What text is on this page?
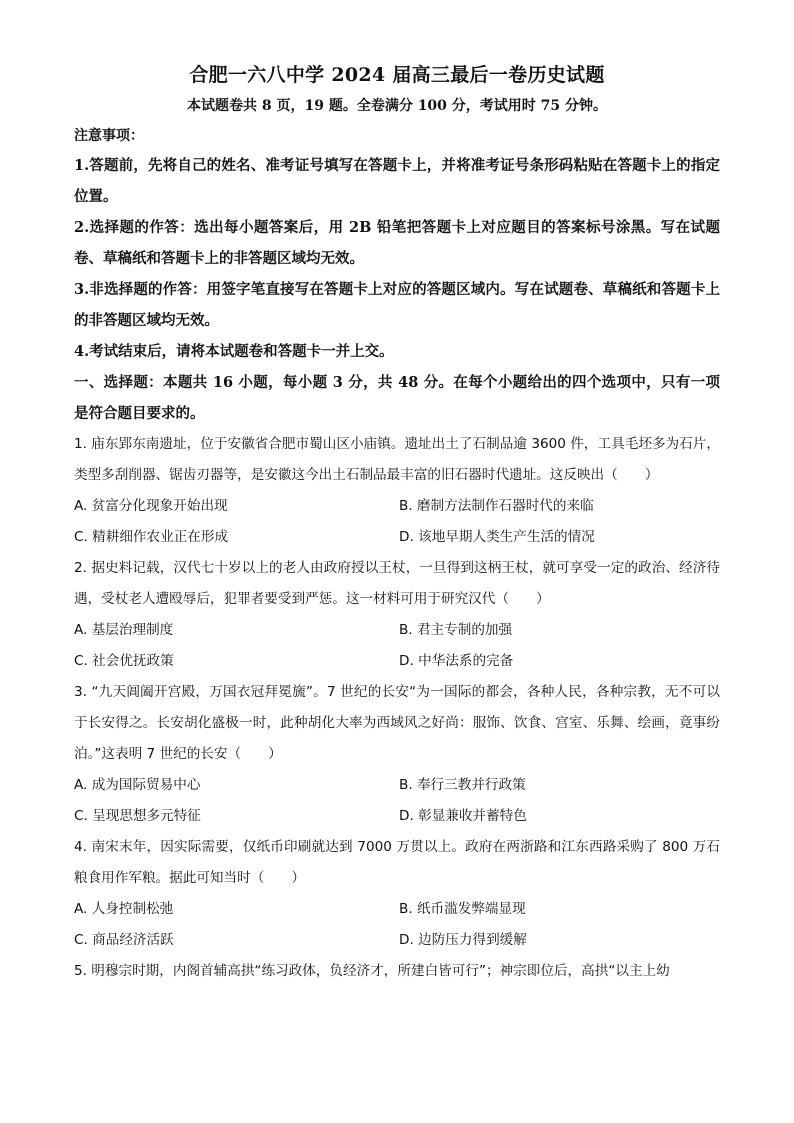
合肥一六八中学 2024 届高三最后一卷历史试题
本试题卷共 8 页，19 题。全卷满分 100 分，考试用时 75 分钟。
注意事项：
1.答题前，先将自己的姓名、准考证号填写在答题卡上，并将准考证号条形码粘贴在答题卡上的指定位置。
2.选择题的作答：选出每小题答案后，用 2B 铅笔把答题卡上对应题目的答案标号涂黑。写在试题卷、草稿纸和答题卡上的非答题区域均无效。
3.非选择题的作答：用签字笔直接写在答题卡上对应的答题区域内。写在试题卷、草稿纸和答题卡上的非答题区域均无效。
4.考试结束后，请将本试题卷和答题卡一并上交。
一、选择题：本题共 16 小题，每小题 3 分，共 48 分。在每个小题给出的四个选项中，只有一项是符合题目要求的。
1. 庙东郢东南遗址，位于安徽省合肥市蜀山区小庙镇。遗址出土了石制品逾 3600 件，工具毛坯多为石片，类型多刮削器、锯齿刃器等，是安徽这今出土石制品最丰富的旧石器时代遗址。这反映出（　　）
A. 贫富分化现象开始出现	B. 磨制方法制作石器时代的来临
C. 精耕细作农业正在形成	D. 该地早期人类生产生活的情况
2. 据史料记载，汉代七十岁以上的老人由政府授以王杖，一旦得到这柄王杖，就可享受一定的政治、经济待遇，受杖老人遭殴辱后，犯罪者要受到严惩。这一材料可用于研究汉代（　　）
A. 基层治理制度	B. 君主专制的加强
C. 社会优抚政策	D. 中华法系的完备
3. “九天阊阖开宫殿，万国衣冠拜冕旒”。7 世纪的长安“为一国际的都会，各种人民，各种宗教，无不可以于长安得之。长安胡化盛极一时，此种胡化大率为西域风之好尚：服饰、饮食、宫室、乐舞、绘画，竟事纷泊。”这表明 7 世纪的长安（　　）
A. 成为国际贸易中心	B. 奉行三教并行政策
C. 呈现思想多元特征	D. 彰显兼收并蓄特色
4. 南宋末年，因实际需要，仅纸币印刷就达到 7000 万贯以上。政府在两浙路和江东西路采购了 800 万石粮食用作军粮。据此可知当时（　　）
A. 人身控制松弛	B. 纸币滥发弊端显现
C. 商品经济活跃	D. 边防压力得到缓解
5. 明穆宗时期，内阁首辅高拱“练习政体，负经济才，所建白皆可行”；神宗即位后，高拱“以主上幼
